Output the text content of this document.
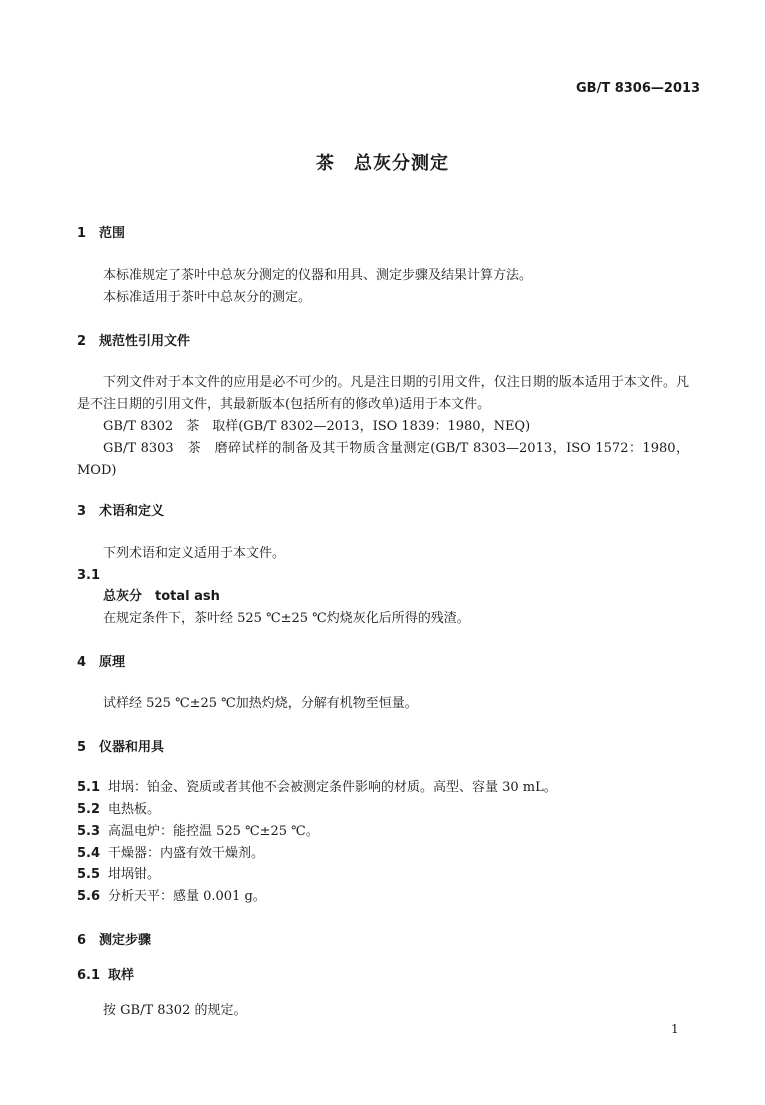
GB/T 8306—2013
茶　总灰分测定
1 范围
本标准规定了茶叶中总灰分测定的仪器和用具、测定步骤及结果计算方法。
本标准适用于茶叶中总灰分的测定。
2 规范性引用文件
下列文件对于本文件的应用是必不可少的。凡是注日期的引用文件，仅注日期的版本适用于本文件。凡是不注日期的引用文件，其最新版本(包括所有的修改单)适用于本文件。
GB/T 8302　茶　取样(GB/T 8302—2013，ISO 1839：1980，NEQ)
GB/T 8303　茶　磨碎试样的制备及其干物质含量测定(GB/T 8303—2013，ISO 1572：1980，MOD)
3 术语和定义
下列术语和定义适用于本文件。
3.1
总灰分　total ash
在规定条件下，茶叶经 525 ℃±25 ℃灼烧灰化后所得的残渣。
4 原理
试样经 525 ℃±25 ℃加热灼烧，分解有机物至恒量。
5 仪器和用具
5.1 坩埚：铂金、瓷质或者其他不会被测定条件影响的材质。高型、容量 30 mL。
5.2 电热板。
5.3 高温电炉：能控温 525 ℃±25 ℃。
5.4 干燥器：内盛有效干燥剂。
5.5 坩埚钳。
5.6 分析天平：感量 0.001 g。
6 测定步骤
6.1 取样
按 GB/T 8302 的规定。
1
